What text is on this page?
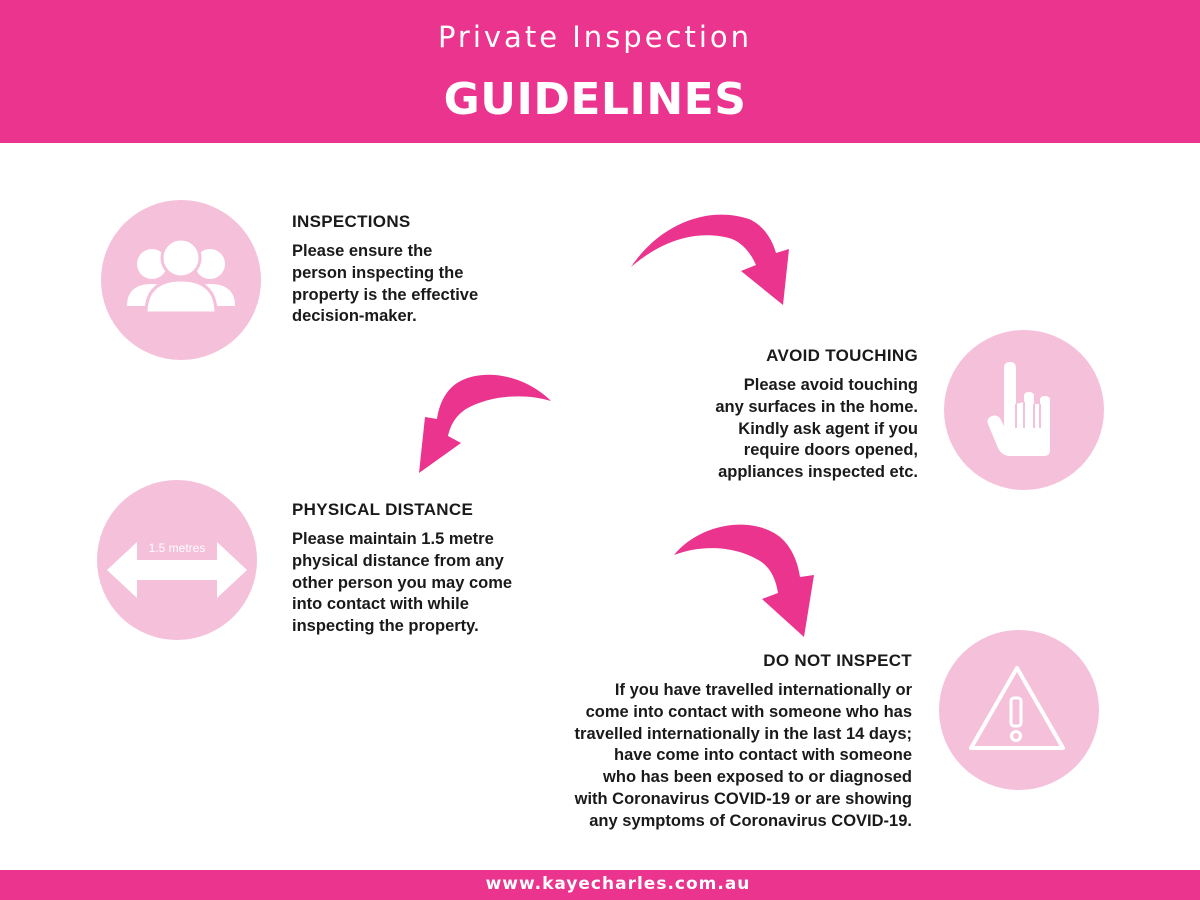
Private Inspection
GUIDELINES
INSPECTIONS

Please ensure the
person inspecting the
property is the effective
decision-maker.

AVOID TOUCHING

Please avoid touching
any surfaces in the home.
Kindly ask agent if you
require doors opened,
appliances inspected etc.

1.5 metres
PHYSICAL DISTANCE

Please maintain 1.5 metre
physical distance from any
other person you may come
into contact with while
inspecting the property.

DO NOT INSPECT

If you have travelled internationally or
come into contact with someone who has
travelled internationally in the last 14 days;
have come into contact with someone
who has been exposed to or diagnosed
with Coronavirus COVID-19 or are showing
any symptoms of Coronavirus COVID-19.

www.kayecharles.com.au
